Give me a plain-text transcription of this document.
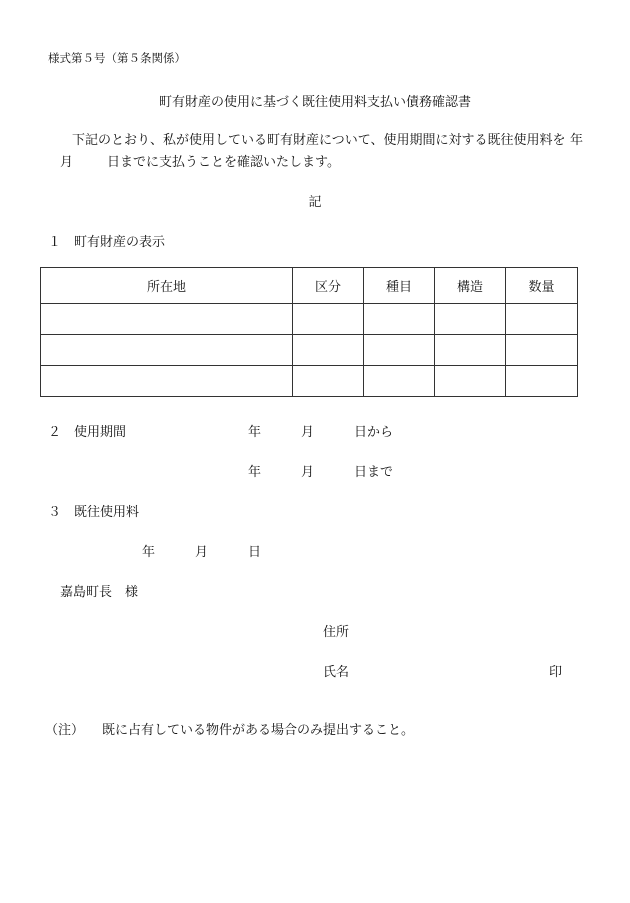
様式第５号（第５条関係）
町有財産の使用に基づく既往使用料支払い債務確認書
下記のとおり、私が使用している町有財産について、使用期間に対する既往使用料を 年
月	日までに支払うことを確認いたします。
記
１　町有財産の表示
所在地	区分	種目	構造	数量

２　使用期間	年	月	日から
年	月	日まで
３　既往使用料
年	月	日
嘉島町長　様
住所
氏名	印
（注） 既に占有している物件がある場合のみ提出すること。
